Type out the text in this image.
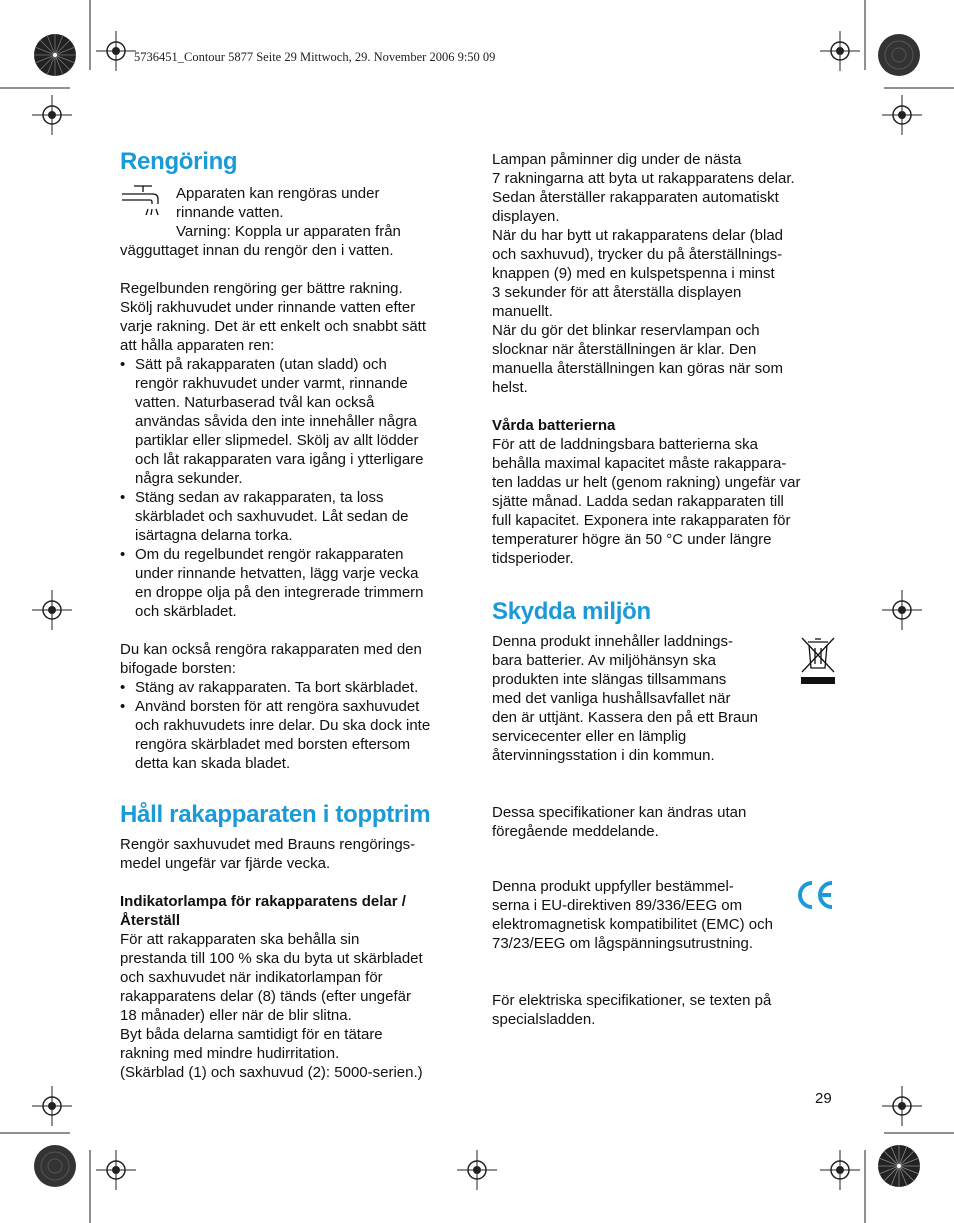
5736451_Contour 5877 Seite 29 Mittwoch, 29. November 2006 9:50 09
Rengöring

Apparaten kan rengöras under

rinnande vatten.

Varning: Koppla ur apparaten från

vägguttaget innan du rengör den i vatten.

Regelbunden rengöring ger bättre rakning.

Skölj rakhuvudet under rinnande vatten efter

varje rakning. Det är ett enkelt och snabbt sätt

att hålla apparaten ren:

• Sätt på rakapparaten (utan sladd) och

rengör rakhuvudet under varmt, rinnande

vatten. Naturbaserad tvål kan också

användas såvida den inte innehåller några

partiklar eller slipmedel. Skölj av allt lödder

och låt rakapparaten vara igång i ytterligare

några sekunder.

• Stäng sedan av rakapparaten, ta loss

skärbladet och saxhuvudet. Låt sedan de

isärtagna delarna torka.

• Om du regelbundet rengör rakapparaten

under rinnande hetvatten, lägg varje vecka

en droppe olja på den integrerade trimmern

och skärbladet.

Du kan också rengöra rakapparaten med den

bifogade borsten:

• Stäng av rakapparaten. Ta bort skärbladet.

• Använd borsten för att rengöra saxhuvudet

och rakhuvudets inre delar. Du ska dock inte

rengöra skärbladet med borsten eftersom

detta kan skada bladet.

Håll rakapparaten i topptrim

Rengör saxhuvudet med Brauns rengörings-

medel ungefär var fjärde vecka.

Indikatorlampa för rakapparatens delar /

Återställ

För att rakapparaten ska behålla sin

prestanda till 100 % ska du byta ut skärbladet

och saxhuvudet när indikatorlampan för

rakapparatens delar (8) tänds (efter ungefär

18 månader) eller när de blir slitna.

Byt båda delarna samtidigt för en tätare

rakning med mindre hudirritation.

(Skärblad (1) och saxhuvud (2): 5000-serien.)

Lampan påminner dig under de nästa

7 rakningarna att byta ut rakapparatens delar.

Sedan återställer rakapparaten automatiskt

displayen.

När du har bytt ut rakapparatens delar (blad

och saxhuvud), trycker du på återställnings-

knappen (9) med en kulspetspenna i minst

3 sekunder för att återställa displayen

manuellt.

När du gör det blinkar reservlampan och

slocknar när återställningen är klar. Den

manuella återställningen kan göras när som

helst.

Vårda batterierna

För att de laddningsbara batterierna ska

behålla maximal kapacitet måste rakappara-

ten laddas ur helt (genom rakning) ungefär var

sjätte månad. Ladda sedan rakapparaten till

full kapacitet. Exponera inte rakapparaten för

temperaturer högre än 50 °C under längre

tidsperioder.

Skydda miljön

Denna produkt innehåller laddnings-

bara batterier. Av miljöhänsyn ska

produkten inte slängas tillsammans

med det vanliga hushållsavfallet när

den är uttjänt. Kassera den på ett Braun

servicecenter eller en lämplig

återvinningsstation i din kommun.

Dessa specifikationer kan ändras utan

föregående meddelande.

Denna produkt uppfyller bestämmel-

serna i EU-direktiven 89/336/EEG om

elektromagnetisk kompatibilitet (EMC) och

73/23/EEG om lågspänningsutrustning.

För elektriska specifikationer, se texten på

specialsladden.

29
